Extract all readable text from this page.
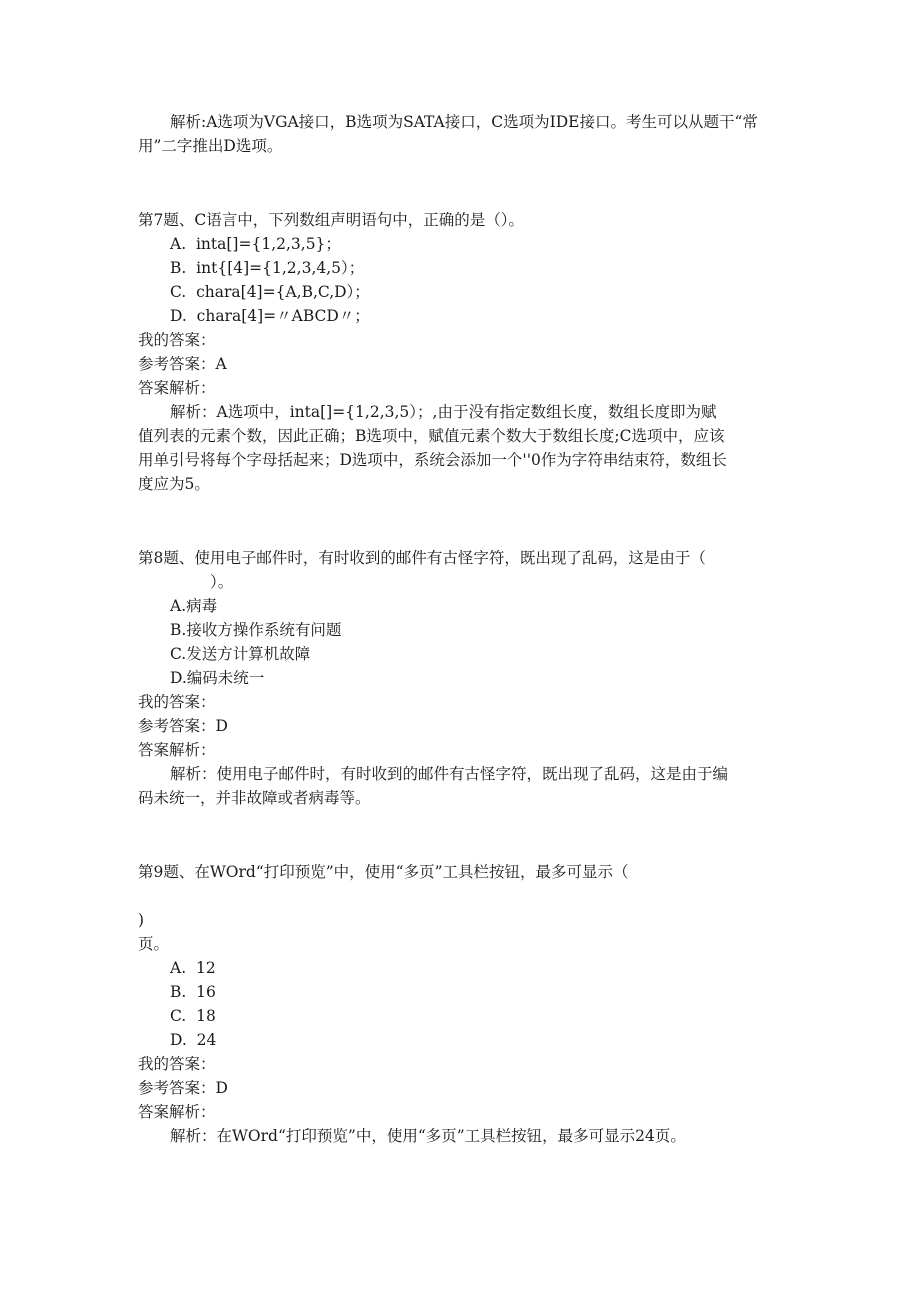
解析:A选项为VGA接口，B选项为SATA接口，C选项为IDE接口。考生可以从题干“常
用”二字推出D选项。
第7题、C语言中，下列数组声明语句中，正确的是（）。
A.  inta[]={1,2,3,5}；
B.  int{[4]={1,2,3,4,5）；
C.  chara[4]={A,B,C,D）；
D.  chara[4]=〃ABCD〃；
我的答案：
参考答案：A
答案解析：
解析：A选项中，inta[]={1,2,3,5）；,由于没有指定数组长度，数组长度即为赋
值列表的元素个数，因此正确；B选项中，赋值元素个数大于数组长度;C选项中，应该
用单引号将每个字母括起来；D选项中，系统会添加一个''0作为字符串结束符，数组长
度应为5。
第8题、使用电子邮件时，有时收到的邮件有古怪字符，既出现了乱码，这是由于（
）。
A.病毒
B.接收方操作系统有问题
C.发送方计算机故障
D.编码未统一
我的答案：
参考答案：D
答案解析：
解析：使用电子邮件时，有时收到的邮件有古怪字符，既出现了乱码，这是由于编
码未统一，并非故障或者病毒等。
第9题、在WOrd“打印预览”中，使用“多页”工具栏按钮，最多可显示（
)
页。
A.  12
B.  16
C.  18
D.  24
我的答案：
参考答案：D
答案解析：
解析：在WOrd“打印预览”中，使用“多页”工具栏按钮，最多可显示24页。
